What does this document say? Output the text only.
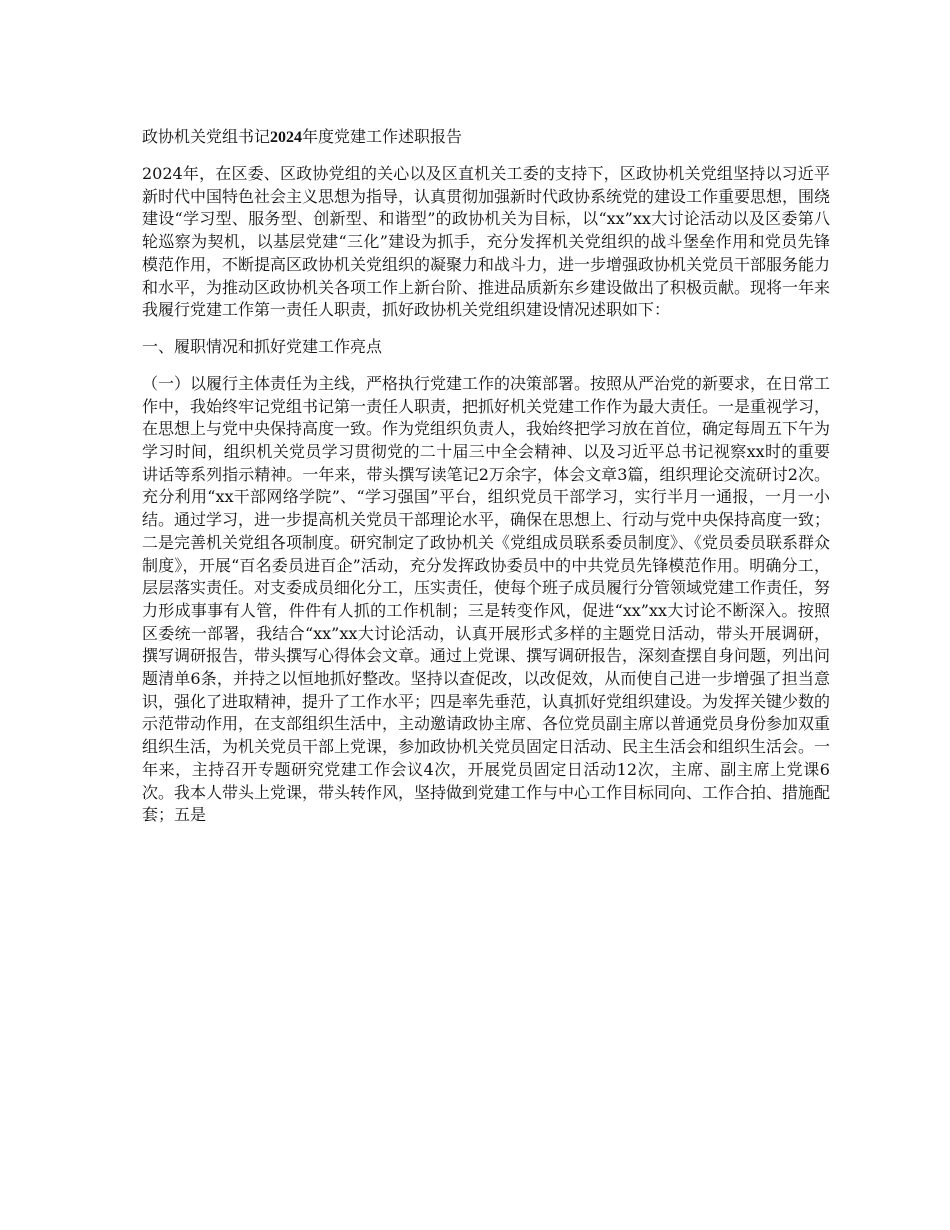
政协机关党组书记2024年度党建工作述职报告

2024年，在区委、区政协党组的关心以及区直机关工委的支持下，区政协机关党组坚持以习近平新时代中国特色社会主义思想为指导，认真贯彻加强新时代政协系统党的建设工作重要思想，围绕建设“学习型、服务型、创新型、和谐型”的政协机关为目标，以“xx”xx大讨论活动以及区委第八轮巡察为契机，以基层党建“三化”建设为抓手，充分发挥机关党组织的战斗堡垒作用和党员先锋模范作用，不断提高区政协机关党组织的凝聚力和战斗力，进一步增强政协机关党员干部服务能力和水平，为推动区政协机关各项工作上新台阶、推进品质新东乡建设做出了积极贡献。现将一年来我履行党建工作第一责任人职责，抓好政协机关党组织建设情况述职如下：

一、履职情况和抓好党建工作亮点

（一）以履行主体责任为主线，严格执行党建工作的决策部署。按照从严治党的新要求，在日常工作中，我始终牢记党组书记第一责任人职责，把抓好机关党建工作作为最大责任。一是重视学习，在思想上与党中央保持高度一致。作为党组织负责人，我始终把学习放在首位，确定每周五下午为学习时间，组织机关党员学习贯彻党的二十届三中全会精神、以及习近平总书记视察xx时的重要讲话等系列指示精神。一年来，带头撰写读笔记2万余字，体会文章3篇，组织理论交流研讨2次。充分利用“xx干部网络学院”、“学习强国”平台，组织党员干部学习，实行半月一通报，一月一小结。通过学习，进一步提高机关党员干部理论水平，确保在思想上、行动与党中央保持高度一致；二是完善机关党组各项制度。研究制定了政协机关《党组成员联系委员制度》、《党员委员联系群众制度》，开展“百名委员进百企”活动，充分发挥政协委员中的中共党员先锋模范作用。明确分工，层层落实责任。对支委成员细化分工，压实责任，使每个班子成员履行分管领域党建工作责任，努力形成事事有人管，件件有人抓的工作机制；三是转变作风，促进“xx”xx大讨论不断深入。按照区委统一部署，我结合“xx”xx大讨论活动，认真开展形式多样的主题党日活动，带头开展调研，撰写调研报告，带头撰写心得体会文章。通过上党课、撰写调研报告，深刻查摆自身问题，列出问题清单6条，并持之以恒地抓好整改。坚持以查促改，以改促效，从而使自己进一步增强了担当意识，强化了进取精神，提升了工作水平；四是率先垂范，认真抓好党组织建设。为发挥关键少数的示范带动作用，在支部组织生活中，主动邀请政协主席、各位党员副主席以普通党员身份参加双重组织生活，为机关党员干部上党课，参加政协机关党员固定日活动、民主生活会和组织生活会。一年来，主持召开专题研究党建工作会议4次，开展党员固定日活动12次，主席、副主席上党课6次。我本人带头上党课，带头转作风，坚持做到党建工作与中心工作目标同向、工作合拍、措施配套；五是
